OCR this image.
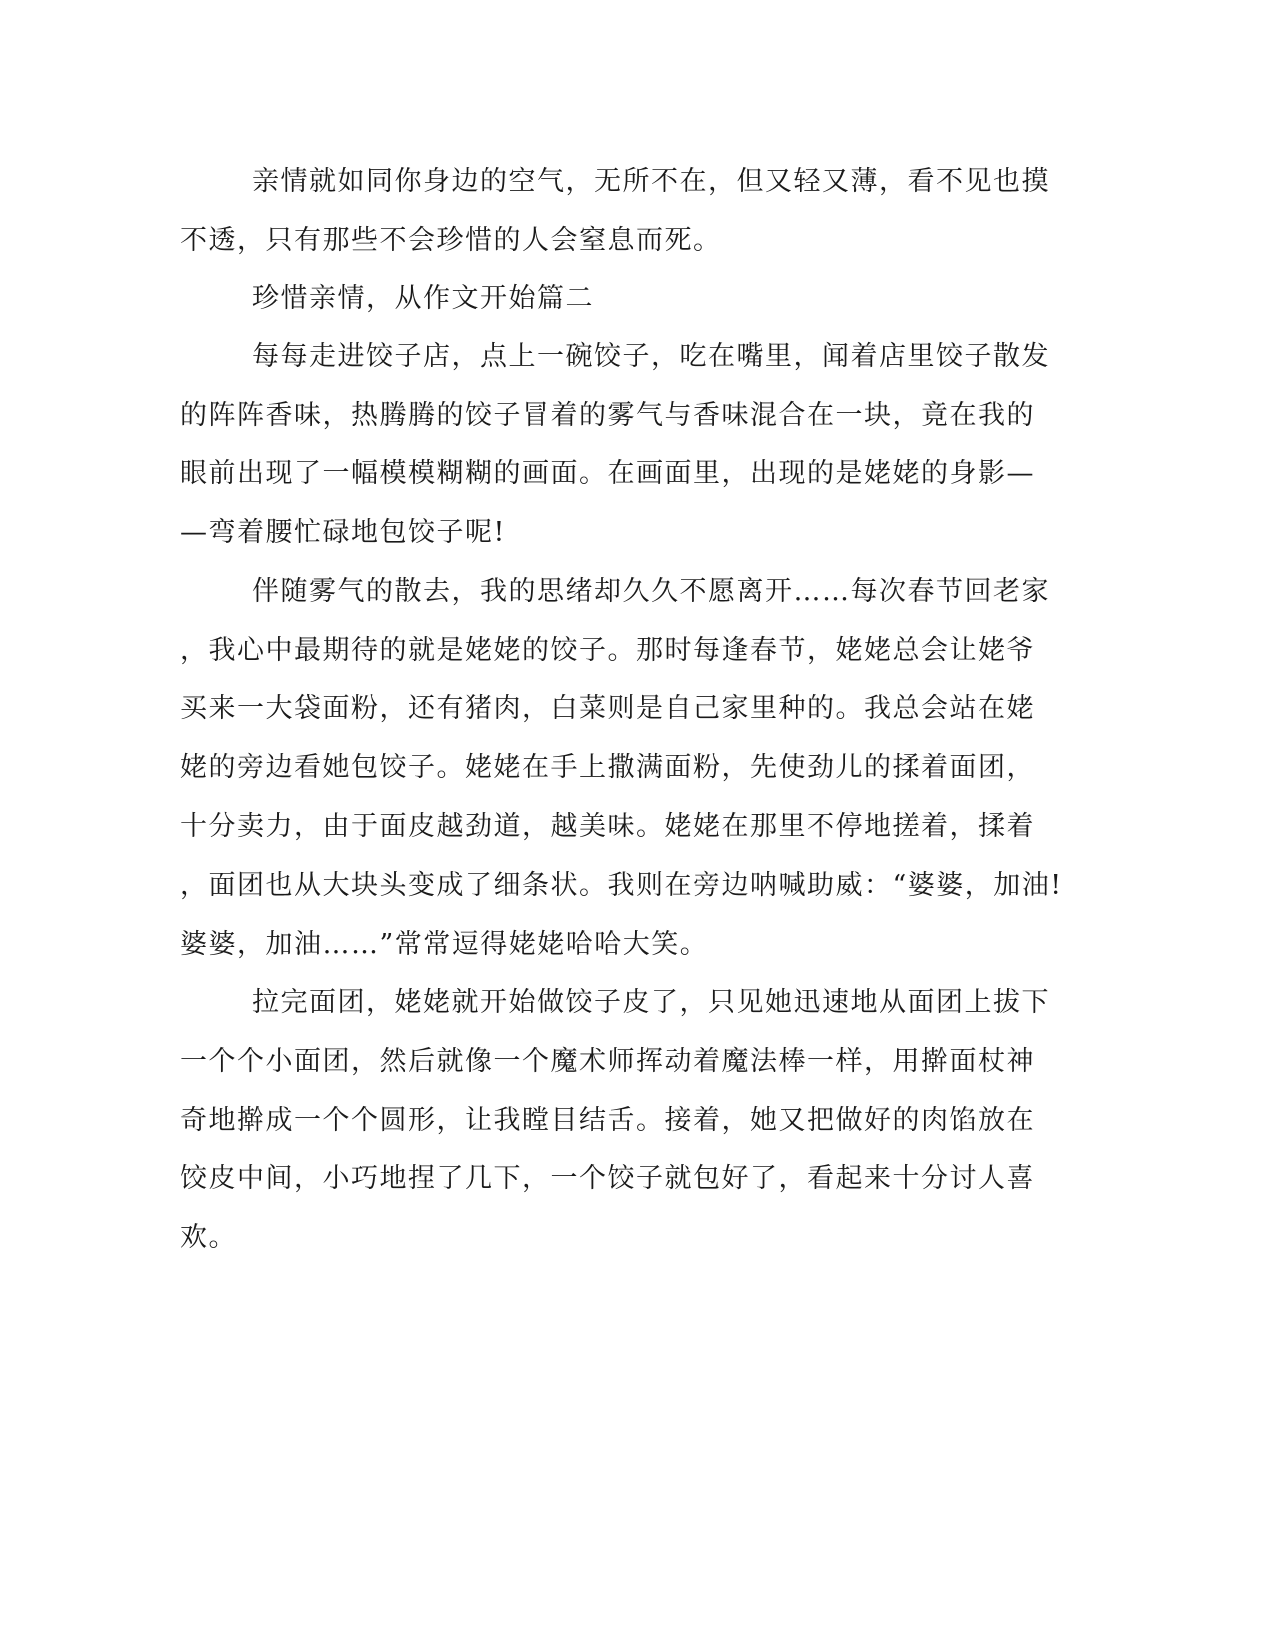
亲情就如同你身边的空气，无所不在，但又轻又薄，看不见也摸
不透，只有那些不会珍惜的人会窒息而死。
珍惜亲情，从作文开始篇二
每每走进饺子店，点上一碗饺子，吃在嘴里，闻着店里饺子散发
的阵阵香味，热腾腾的饺子冒着的雾气与香味混合在一块，竟在我的
眼前出现了一幅模模糊糊的画面。在画面里，出现的是姥姥的身影—
—弯着腰忙碌地包饺子呢!
伴随雾气的散去，我的思绪却久久不愿离开……每次春节回老家
，我心中最期待的就是姥姥的饺子。那时每逢春节，姥姥总会让姥爷
买来一大袋面粉，还有猪肉，白菜则是自己家里种的。我总会站在姥
姥的旁边看她包饺子。姥姥在手上撒满面粉，先使劲儿的揉着面团，
十分卖力，由于面皮越劲道，越美味。姥姥在那里不停地搓着，揉着
，面团也从大块头变成了细条状。我则在旁边呐喊助威：“婆婆，加油!
婆婆，加油……”常常逗得姥姥哈哈大笑。
拉完面团，姥姥就开始做饺子皮了，只见她迅速地从面团上拔下
一个个小面团，然后就像一个魔术师挥动着魔法棒一样，用擀面杖神
奇地擀成一个个圆形，让我瞠目结舌。接着，她又把做好的肉馅放在
饺皮中间，小巧地捏了几下，一个饺子就包好了，看起来十分讨人喜
欢。
